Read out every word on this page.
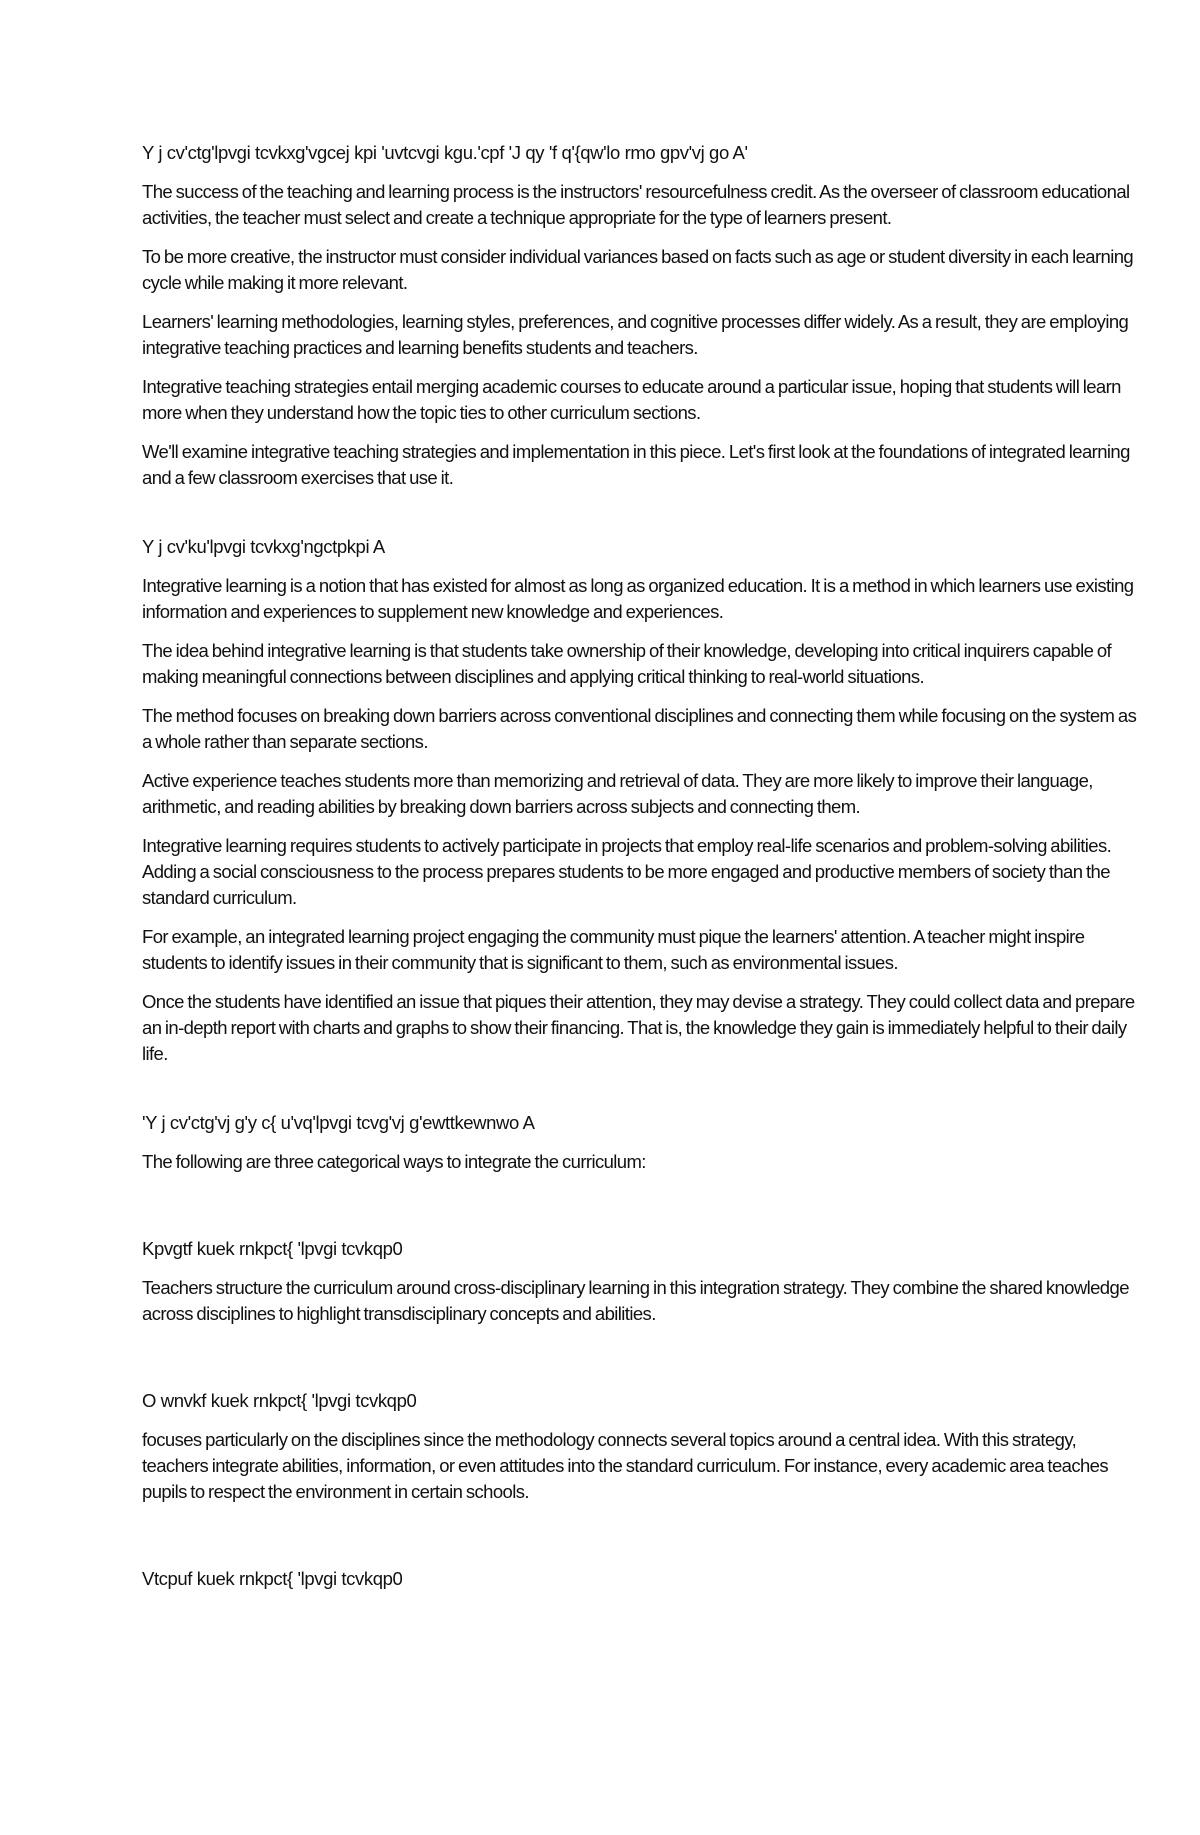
Y j cv'ctg'lpvgi tcvkxg'vgcej kpi 'uvtcvgi kgu.'cpf 'J qy 'f q'{qw'lo rmo gpv'vj go A'
The success of the teaching and learning process is the instructors' resourcefulness credit. As the overseer of classroom educational activities, the teacher must select and create a technique appropriate for the type of learners present.
To be more creative, the instructor must consider individual variances based on facts such as age or student diversity in each learning cycle while making it more relevant.
Learners' learning methodologies, learning styles, preferences, and cognitive processes differ widely. As a result, they are employing integrative teaching practices and learning benefits students and teachers.
Integrative teaching strategies entail merging academic courses to educate around a particular issue, hoping that students will learn more when they understand how the topic ties to other curriculum sections.
We'll examine integrative teaching strategies and implementation in this piece. Let's first look at the foundations of integrated learning and a few classroom exercises that use it.
Y j cv'ku'lpvgi tcvkxg'ngctpkpi A
Integrative learning is a notion that has existed for almost as long as organized education. It is a method in which learners use existing information and experiences to supplement new knowledge and experiences.
The idea behind integrative learning is that students take ownership of their knowledge, developing into critical inquirers capable of making meaningful connections between disciplines and applying critical thinking to real-world situations.
The method focuses on breaking down barriers across conventional disciplines and connecting them while focusing on the system as a whole rather than separate sections.
Active experience teaches students more than memorizing and retrieval of data. They are more likely to improve their language, arithmetic, and reading abilities by breaking down barriers across subjects and connecting them.
Integrative learning requires students to actively participate in projects that employ real-life scenarios and problem-solving abilities. Adding a social consciousness to the process prepares students to be more engaged and productive members of society than the standard curriculum.
For example, an integrated learning project engaging the community must pique the learners' attention. A teacher might inspire students to identify issues in their community that is significant to them, such as environmental issues.
Once the students have identified an issue that piques their attention, they may devise a strategy. They could collect data and prepare an in-depth report with charts and graphs to show their financing. That is, the knowledge they gain is immediately helpful to their daily life.
'Y j cv'ctg'vj g'y c{ u'vq'lpvgi tcvg'vj g'ewttkewnwo A
The following are three categorical ways to integrate the curriculum:
Kpvgtf kuek rnkpct{ 'lpvgi tcvkqp0
Teachers structure the curriculum around cross-disciplinary learning in this integration strategy. They combine the shared knowledge across disciplines to highlight transdisciplinary concepts and abilities.
O wnvkf kuek rnkpct{ 'lpvgi tcvkqp0
focuses particularly on the disciplines since the methodology connects several topics around a central idea. With this strategy, teachers integrate abilities, information, or even attitudes into the standard curriculum. For instance, every academic area teaches pupils to respect the environment in certain schools.
Vtcpuf kuek rnkpct{ 'lpvgi tcvkqp0
